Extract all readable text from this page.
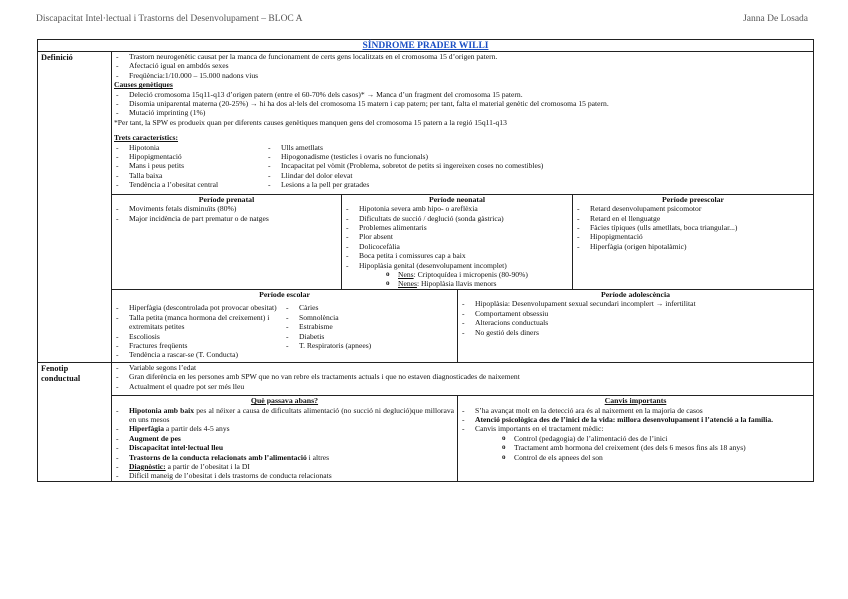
Discapacitat Intel·lectual i Trastorns del Desenvolupament – BLOC A	Janna De Losada
SÍNDROME PRADER WILLI
Definició
-	Trastorn neurogenètic causat per la manca de funcionament de certs gens localitzats en el cromosoma 15 d’origen patern.
- Afectació igual en ambdós sexes
- Freqüència:1/10.000 – 15.000 nadons vius
Causes genètiques
- Deleció cromosoma 15q11-q13 d’origen patern (entre el 60-70% dels casos)* → Manca d’un fragment del cromosoma 15 patern.
- Disomia uniparental materna (20-25%) → hi ha dos al·lels del cromosoma 15 matern i cap patern; per tant, falta el material genètic del cromosoma 15 patern.
- Mutació imprinting (1%)
*Per tant, la SPW es produeix quan per diferents causes genètiques manquen gens del cromosoma 15 patern a la regió 15q11-q13
Trets característics:
- Hipotonia
- Hipopigmentació
- Mans i peus petits
- Talla baixa
- Tendència a l’obesitat central
- Ulls ametllats
- Hipogonadisme (testicles i ovaris no funcionals)
- Incapacitat pel vòmit (Problema, sobretot de petits si ingereixen coses no comestibles)
- Llindar del dolor elevat
- Lesions a la pell per gratades
Període prenatal
- Moviments fetals disminuïts (80%)
- Major incidència de part prematur o de natges
Període neonatal
- Hipotonia severa amb hipo- o areflèxia
- Dificultats de succió / deglució (sonda gàstrica)
- Problemes alimentaris
- Plor absent
- Dolicocefàlia
- Boca petita i comissures cap a baix
- Hipoplàsia genital (desenvolupament incomplet)
o Nens: Criptoquídea i micropenis (80-90%)
o Nenes: Hipoplàsia llavis menors
Període preescolar
- Retard desenvolupament psicomotor
- Retard en el llenguatge
- Fàcies típiques (ulls ametllats, boca triangular...)
- Hipopigmentació
- Hiperfàgia (origen hipotalàmic)
Període escolar
- Hiperfàgia (descontrolada pot provocar obesitat)
- Talla petita (manca hormona del creixement) i extremitats petites
- Escoliosis
- Fractures freqüents
- Tendència a rascar-se (T. Conducta)
- Càries
- Somnolència
- Estrabisme
- Diabetis
- T. Respiratoris (apnees)
Període adolescència
- Hipoplàsia: Desenvolupament sexual secundari incomplert → infertilitat
- Comportament obsessiu
- Alteracions conductuals
- No gestió dels diners
Fenotip conductual
- Variable segons l’edat
- Gran diferència en les persones amb SPW que no van rebre els tractaments actuals i que no estaven diagnosticades de naixement
- Actualment el quadre pot ser més lleu
Què passava abans?
- Hipotonia amb baix pes al néixer a causa de dificultats alimentació (no succió ni deglució)que millorava en uns mesos
- Hiperfàgia a partir dels 4-5 anys
- Augment de pes
- Discapacitat intel·lectual lleu
- Trastorns de la conducta relacionats amb l’alimentació i altres
- Diagnòstic: a partir de l’obesitat i la DI
- Difícil maneig de l’obesitat i dels trastorns de conducta relacionats
Canvis importants
- S’ha avançat molt en la detecció ara és al naixement en la majoria de casos
- Atenció psicològica des de l’inici de la vida: millora desenvolupament i l’atenció a la família.
- Canvis importants en el tractament mèdic:
o Control (pedagogia) de l’alimentació des de l’inici
o Tractament amb hormona del creixement (des dels 6 mesos fins als 18 anys)
o Control de els apnees del son
